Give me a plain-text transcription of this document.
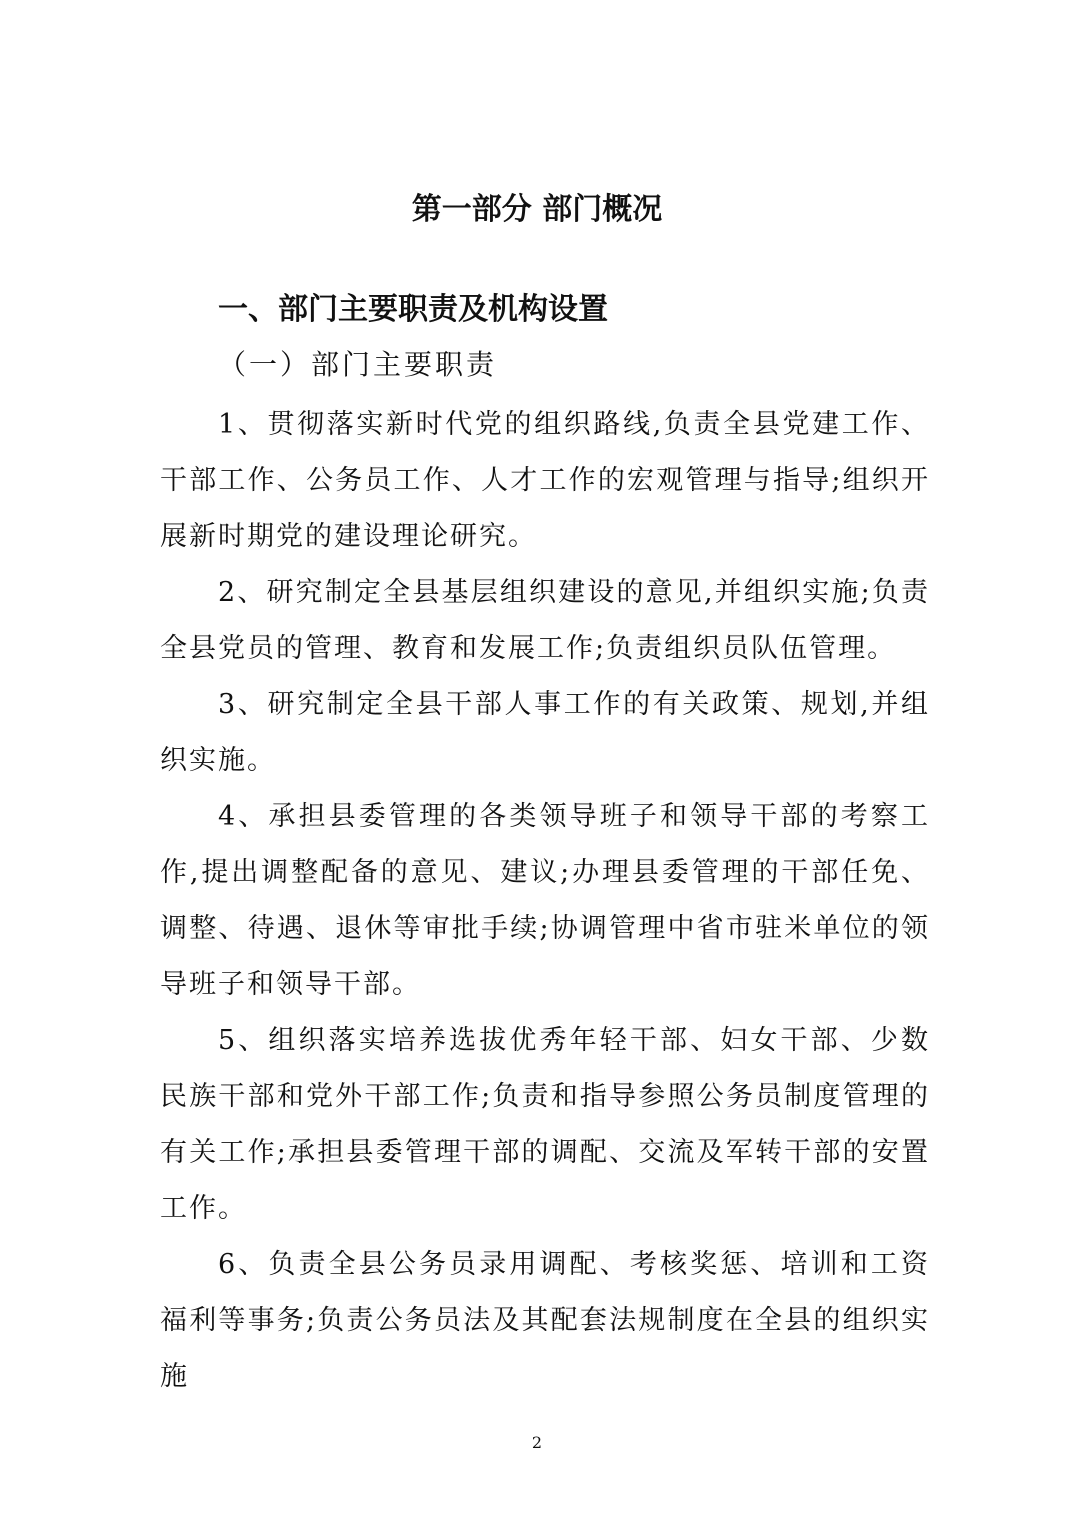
第一部分 部门概况
一、部门主要职责及机构设置
（一）部门主要职责
1、贯彻落实新时代党的组织路线,负责全县党建工作、干部工作、公务员工作、人才工作的宏观管理与指导;组织开展新时期党的建设理论研究。
2、研究制定全县基层组织建设的意见,并组织实施;负责全县党员的管理、教育和发展工作;负责组织员队伍管理。
3、研究制定全县干部人事工作的有关政策、规划,并组织实施。
4、承担县委管理的各类领导班子和领导干部的考察工作,提出调整配备的意见、建议;办理县委管理的干部任免、调整、待遇、退休等审批手续;协调管理中省市驻米单位的领导班子和领导干部。
5、组织落实培养选拔优秀年轻干部、妇女干部、少数民族干部和党外干部工作;负责和指导参照公务员制度管理的有关工作;承担县委管理干部的调配、交流及军转干部的安置工作。
6、负责全县公务员录用调配、考核奖惩、培训和工资福利等事务;负责公务员法及其配套法规制度在全县的组织实施
2
